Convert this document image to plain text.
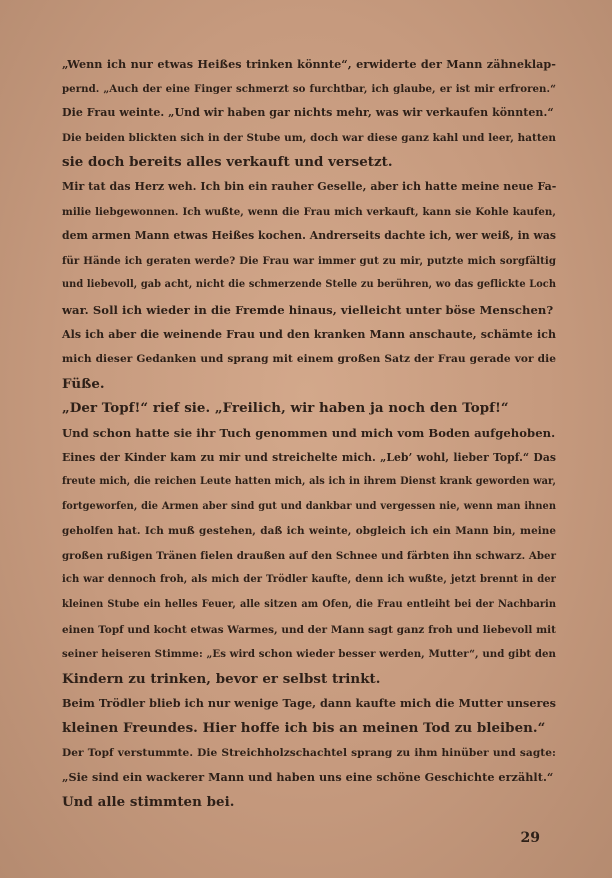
„Wenn ich nur etwas Heißes trinken könnte“, erwiderte der Mann zähneklap-
pernd. „Auch der eine Finger schmerzt so furchtbar, ich glaube, er ist mir erfroren.“
Die Frau weinte. „Und wir haben gar nichts mehr, was wir verkaufen könnten.“
Die beiden blickten sich in der Stube um, doch war diese ganz kahl und leer, hatten
sie doch bereits alles verkauft und versetzt.
Mir tat das Herz weh. Ich bin ein rauher Geselle, aber ich hatte meine neue Fa-
milie liebgewonnen. Ich wußte, wenn die Frau mich verkauft, kann sie Kohle kaufen,
dem armen Mann etwas Heißes kochen. Andrerseits dachte ich, wer weiß, in was
für Hände ich geraten werde? Die Frau war immer gut zu mir, putzte mich sorgfältig
und liebevoll, gab acht, nicht die schmerzende Stelle zu berühren, wo das geflickte Loch
war. Soll ich wieder in die Fremde hinaus, vielleicht unter böse Menschen?
Als ich aber die weinende Frau und den kranken Mann anschaute, schämte ich
mich dieser Gedanken und sprang mit einem großen Satz der Frau gerade vor die
Füße.
„Der Topf!“ rief sie. „Freilich, wir haben ja noch den Topf!“
Und schon hatte sie ihr Tuch genommen und mich vom Boden aufgehoben.
Eines der Kinder kam zu mir und streichelte mich. „Leb’ wohl, lieber Topf.“ Das
freute mich, die reichen Leute hatten mich, als ich in ihrem Dienst krank geworden war,
fortgeworfen, die Armen aber sind gut und dankbar und vergessen nie, wenn man ihnen
geholfen hat. Ich muß gestehen, daß ich weinte, obgleich ich ein Mann bin, meine
großen rußigen Tränen fielen draußen auf den Schnee und färbten ihn schwarz. Aber
ich war dennoch froh, als mich der Trödler kaufte, denn ich wußte, jetzt brennt in der
kleinen Stube ein helles Feuer, alle sitzen am Ofen, die Frau entleiht bei der Nachbarin
einen Topf und kocht etwas Warmes, und der Mann sagt ganz froh und liebevoll mit
seiner heiseren Stimme: „Es wird schon wieder besser werden, Mutter“, und gibt den
Kindern zu trinken, bevor er selbst trinkt.
Beim Trödler blieb ich nur wenige Tage, dann kaufte mich die Mutter unseres
kleinen Freundes. Hier hoffe ich bis an meinen Tod zu bleiben.“
Der Topf verstummte. Die Streichholzschachtel sprang zu ihm hinüber und sagte:
„Sie sind ein wackerer Mann und haben uns eine schöne Geschichte erzählt.“
Und alle stimmten bei.
29
